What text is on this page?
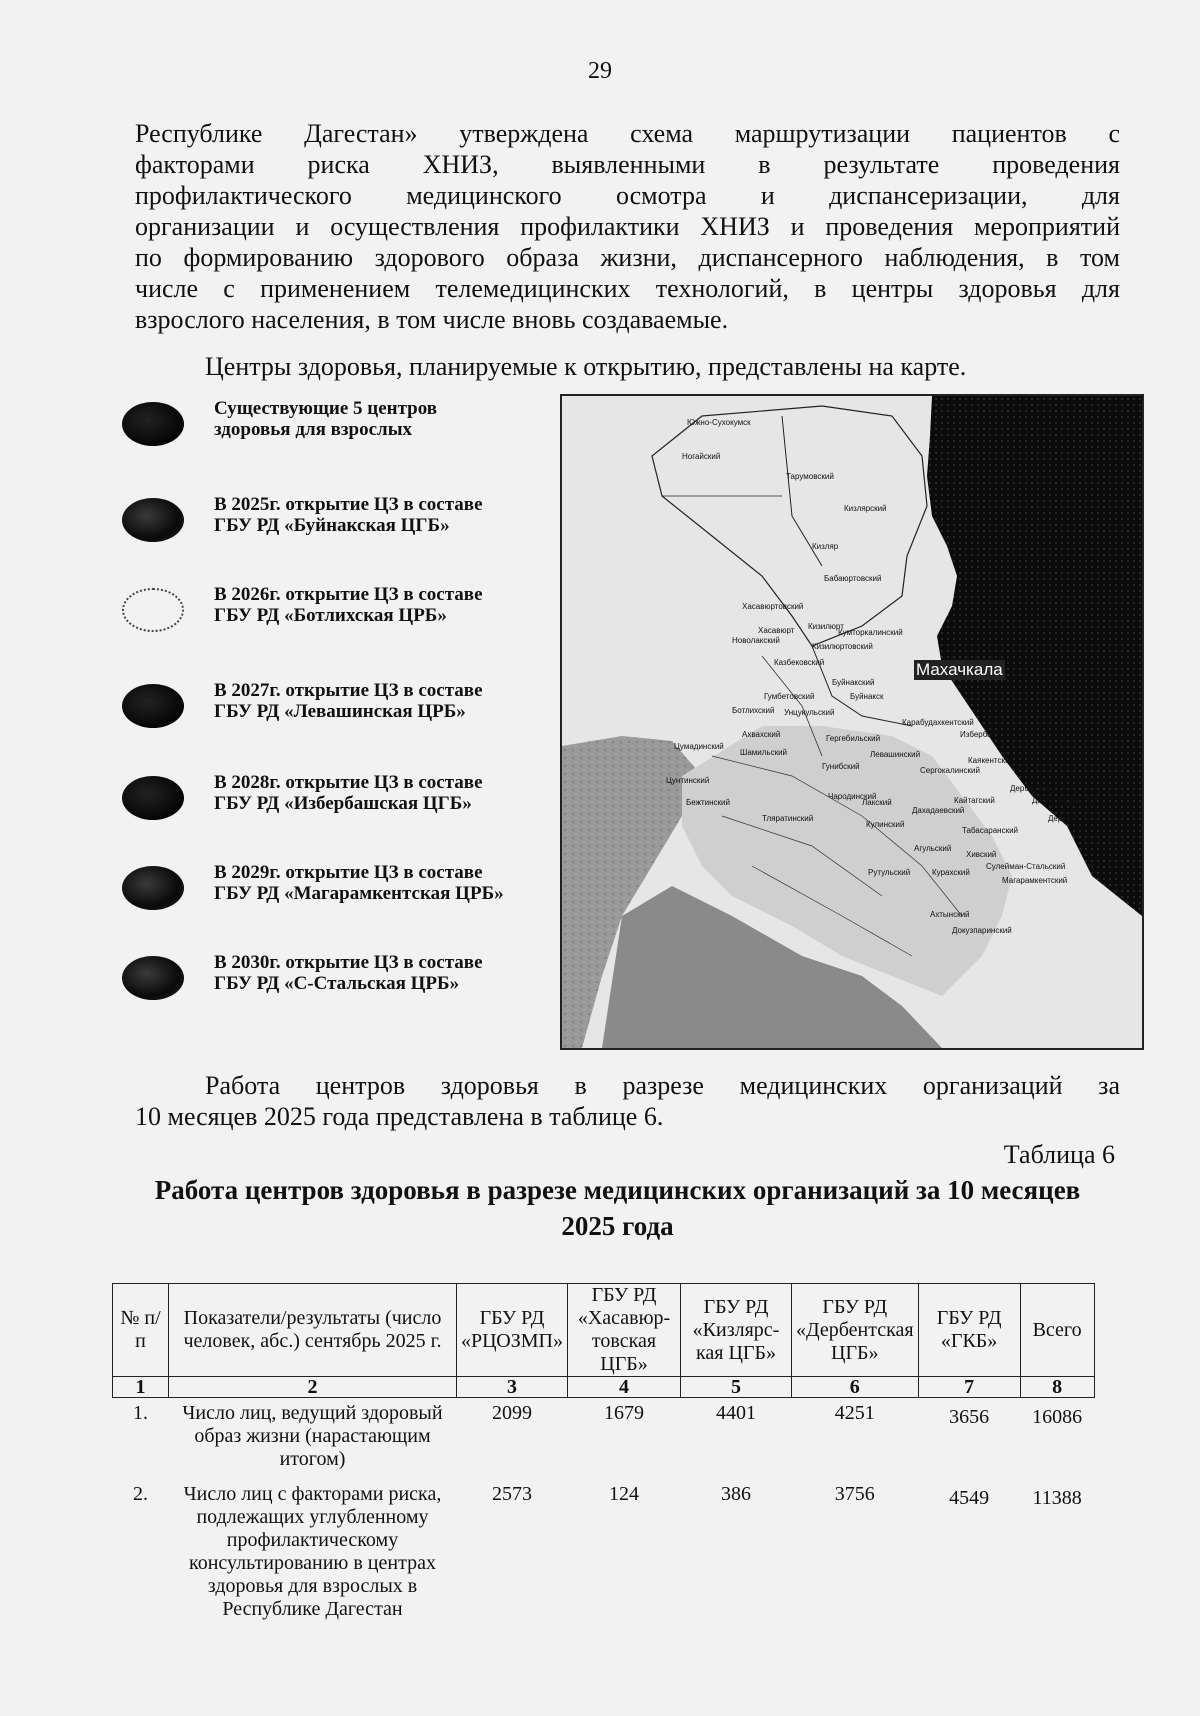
29
Республике Дагестан» утверждена схема маршрутизации пациентов с
факторами риска ХНИЗ, выявленными в результате проведения
профилактического медицинского осмотра и диспансеризации, для
организации и осуществления профилактики ХНИЗ и проведения мероприятий
по формированию здорового образа жизни, диспансерного наблюдения, в том
числе с применением телемедицинских технологий, в центры здоровья для
взрослого населения, в том числе вновь создаваемые.
Центры здоровья, планируемые к открытию, представлены на карте.
Существующие 5 центров
здоровья для взрослых
В 2025г. открытие ЦЗ в составе
ГБУ РД «Буйнакская ЦГБ»
В 2026г. открытие ЦЗ в составе
ГБУ РД «Ботлихская ЦРБ»
В 2027г. открытие ЦЗ в составе
ГБУ РД «Левашинская ЦРБ»
В 2028г. открытие ЦЗ в составе
ГБУ РД «Избербашская ЦГБ»
В 2029г. открытие ЦЗ в составе
ГБУ РД «Магарамкентская ЦРБ»
В 2030г. открытие ЦЗ в составе
ГБУ РД «С-Стальская ЦРБ»
Южно-Сухокумск
Ногайский
Тарумовский
Кизлярский
Кизляр
Бабаюртовский
Хасавюртовский
Хасавюрт Кизилюрт
Кумторкалинский
Новолакский
Кизилюртовский
Казбековский
Буйнакский
Гумбетовский	Буйнакск
Ботлихский Унцукульский
Карабудахкентский
Ахвахский	Гергебильский	Избербаш
Цумадинский
Шамильский	Левашинский
Каякентский
Гунибский	Сергокалинский
Цунтинский
Дербентский
Бежтинский
Чародинский
Лакский	Кайтагский
Дахадаевский
Дагестанские Огни
Тляратинский
Кулинский
Дербент
Табасаранский
Агульский
Хивский
Рутульский	Курахский
Сулейман-Стальский
Магарамкентский
Ахтынский
Докузпаринский
Махачкала
Работа центров здоровья в разрезе медицинских организаций за
10 месяцев 2025 года представлена в таблице 6.
Таблица 6
Работа центров здоровья в разрезе медицинских организаций за 10 месяцев
2025 года
№ п/п	Показатели/результаты (число человек, абс.) сентябрь 2025 г.	ГБУ РД «РЦОЗМП»	ГБУ РД «Хасавюр-товская ЦГБ»	ГБУ РД «Кизлярс-кая ЦГБ»	ГБУ РД «Дербентская ЦГБ»	ГБУ РД «ГКБ»	Всего
1	2	3	4	5	6	7	8
1.	Число лиц, ведущий здоровый образ жизни (нарастающим итогом)	2099	1679	4401	4251	3656	16086
2.	Число лиц с факторами риска, подлежащих углубленному профилактическому консультированию в центрах здоровья для взрослых в Республике Дагестан	2573	124	386	3756	4549	11388
